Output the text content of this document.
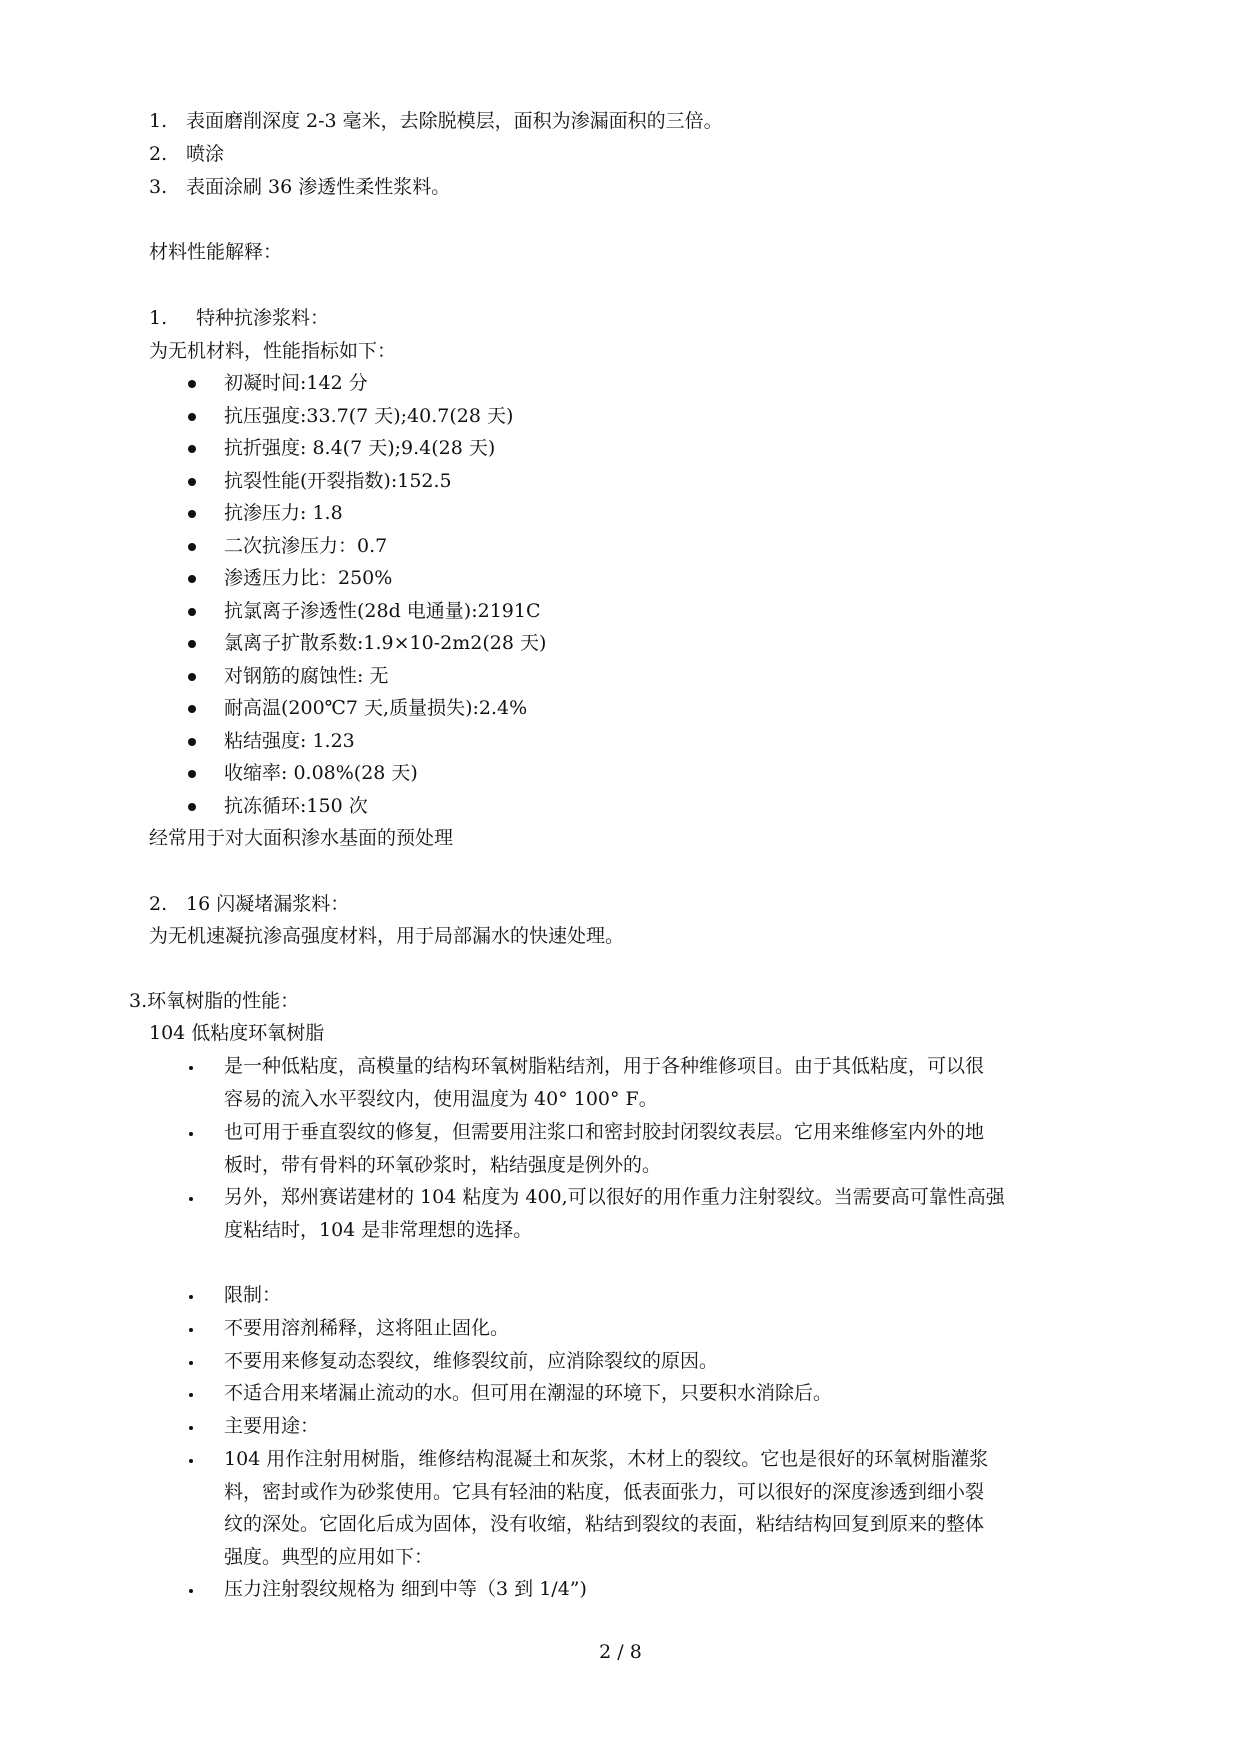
1. 表面磨削深度 2-3 毫米，去除脱模层，面积为渗漏面积的三倍。
2. 喷涂
3. 表面涂刷 36 渗透性柔性浆料。
材料性能解释：
1. 特种抗渗浆料：
为无机材料，性能指标如下：
初凝时间:142 分
抗压强度:33.7(7 天);40.7(28 天)
抗折强度: 8.4(7 天);9.4(28 天)
抗裂性能(开裂指数):152.5
抗渗压力: 1.8
二次抗渗压力：0.7
渗透压力比：250%
抗氯离子渗透性(28d 电通量):2191C
氯离子扩散系数:1.9×10-2m2(28 天)
对钢筋的腐蚀性: 无
耐高温(200℃7 天,质量损失):2.4%
粘结强度: 1.23
收缩率: 0.08%(28 天)
抗冻循环:150 次
经常用于对大面积渗水基面的预处理
2. 16 闪凝堵漏浆料：
为无机速凝抗渗高强度材料，用于局部漏水的快速处理。
3.环氧树脂的性能：
104 低粘度环氧树脂
是一种低粘度，高模量的结构环氧树脂粘结剂，用于各种维修项目。由于其低粘度，可以很
容易的流入水平裂纹内，使用温度为 40° 100° F。
也可用于垂直裂纹的修复，但需要用注浆口和密封胶封闭裂纹表层。它用来维修室内外的地
板时，带有骨料的环氧砂浆时，粘结强度是例外的。
另外，郑州赛诺建材的 104 粘度为 400,可以很好的用作重力注射裂纹。当需要高可靠性高强
度粘结时，104 是非常理想的选择。
限制：
不要用溶剂稀释，这将阻止固化。
不要用来修复动态裂纹，维修裂纹前，应消除裂纹的原因。
不适合用来堵漏止流动的水。但可用在潮湿的环境下，只要积水消除后。
主要用途：
104 用作注射用树脂，维修结构混凝土和灰浆，木材上的裂纹。它也是很好的环氧树脂灌浆
料，密封或作为砂浆使用。它具有轻油的粘度，低表面张力，可以很好的深度渗透到细小裂
纹的深处。它固化后成为固体，没有收缩，粘结到裂纹的表面，粘结结构回复到原来的整体
强度。典型的应用如下：
压力注射裂纹规格为 细到中等（3 到 1/4”)
2 / 8
